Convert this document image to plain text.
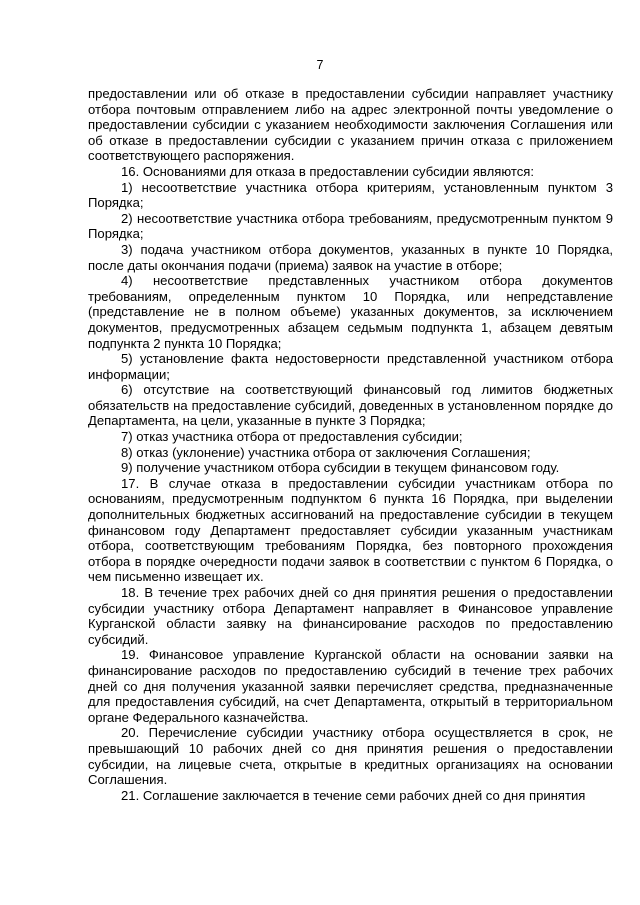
7

предоставлении или об отказе в предоставлении субсидии направляет участнику отбора почтовым отправлением либо на адрес электронной почты уведомление о предоставлении субсидии с указанием необходимости заключения Соглашения или об отказе в предоставлении субсидии с указанием причин отказа с приложением соответствующего распоряжения.

16. Основаниями для отказа в предоставлении субсидии являются:

1) несоответствие участника отбора критериям, установленным пунктом 3 Порядка;

2) несоответствие участника отбора требованиям, предусмотренным пунктом 9 Порядка;

3) подача участником отбора документов, указанных в пункте 10 Порядка, после даты окончания подачи (приема) заявок на участие в отборе;

4) несоответствие представленных участником отбора документов требованиям, определенным пунктом 10 Порядка, или непредставление (представление не в полном объеме) указанных документов, за исключением документов, предусмотренных абзацем седьмым подпункта 1, абзацем девятым подпункта 2 пункта 10 Порядка;

5) установление факта недостоверности представленной участником отбора информации;

6) отсутствие на соответствующий финансовый год лимитов бюджетных обязательств на предоставление субсидий, доведенных в установленном порядке до Департамента, на цели, указанные в пункте 3 Порядка;

7) отказ участника отбора от предоставления субсидии;

8) отказ (уклонение) участника отбора от заключения Соглашения;

9) получение участником отбора субсидии в текущем финансовом году.

17. В случае отказа в предоставлении субсидии участникам отбора по основаниям, предусмотренным подпунктом 6 пункта 16 Порядка, при выделении дополнительных бюджетных ассигнований на предоставление субсидии в текущем финансовом году Департамент предоставляет субсидии указанным участникам отбора, соответствующим требованиям Порядка, без повторного прохождения отбора в порядке очередности подачи заявок в соответствии с пунктом 6 Порядка, о чем письменно извещает их.

18. В течение трех рабочих дней со дня принятия решения о предоставлении субсидии участнику отбора Департамент направляет в Финансовое управление Курганской области заявку на финансирование расходов по предоставлению субсидий.

19. Финансовое управление Курганской области на основании заявки на финансирование расходов по предоставлению субсидий в течение трех рабочих дней со дня получения указанной заявки перечисляет средства, предназначенные для предоставления субсидий, на счет Департамента, открытый в территориальном органе Федерального казначейства.

20. Перечисление субсидии участнику отбора осуществляется в срок, не превышающий 10 рабочих дней со дня принятия решения о предоставлении субсидии, на лицевые счета, открытые в кредитных организациях на основании Соглашения.

21. Соглашение заключается в течение семи рабочих дней со дня принятия
